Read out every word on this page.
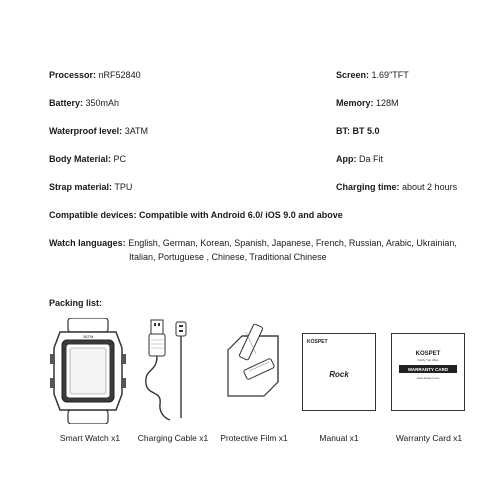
Processor: nRF52840	Screen: 1.69"TFT
Battery: 350mAh	Memory: 128M
Waterproof level: 3ATM	BT: BT 5.0
Body Material: PC	App: Da Fit
Strap material: TPU	Charging time: about 2 hours
Compatible devices: Compatible with Android 6.0/ iOS 9.0 and above
Watch languages: English, German, Korean, Spanish, Japanese, French, Russian, Arabic, Ukrainian,
Italian, Portuguese , Chinese, Traditional Chinese
Packing list:
3ATM
WATER RESIST
KOSPET
Rock
KOSPET
Notify You Alive
WARRANTY CARD
www.kospet.com
Smart Watch x1	Charging Cable x1	Protective Film x1	Manual x1	Warranty Card x1
